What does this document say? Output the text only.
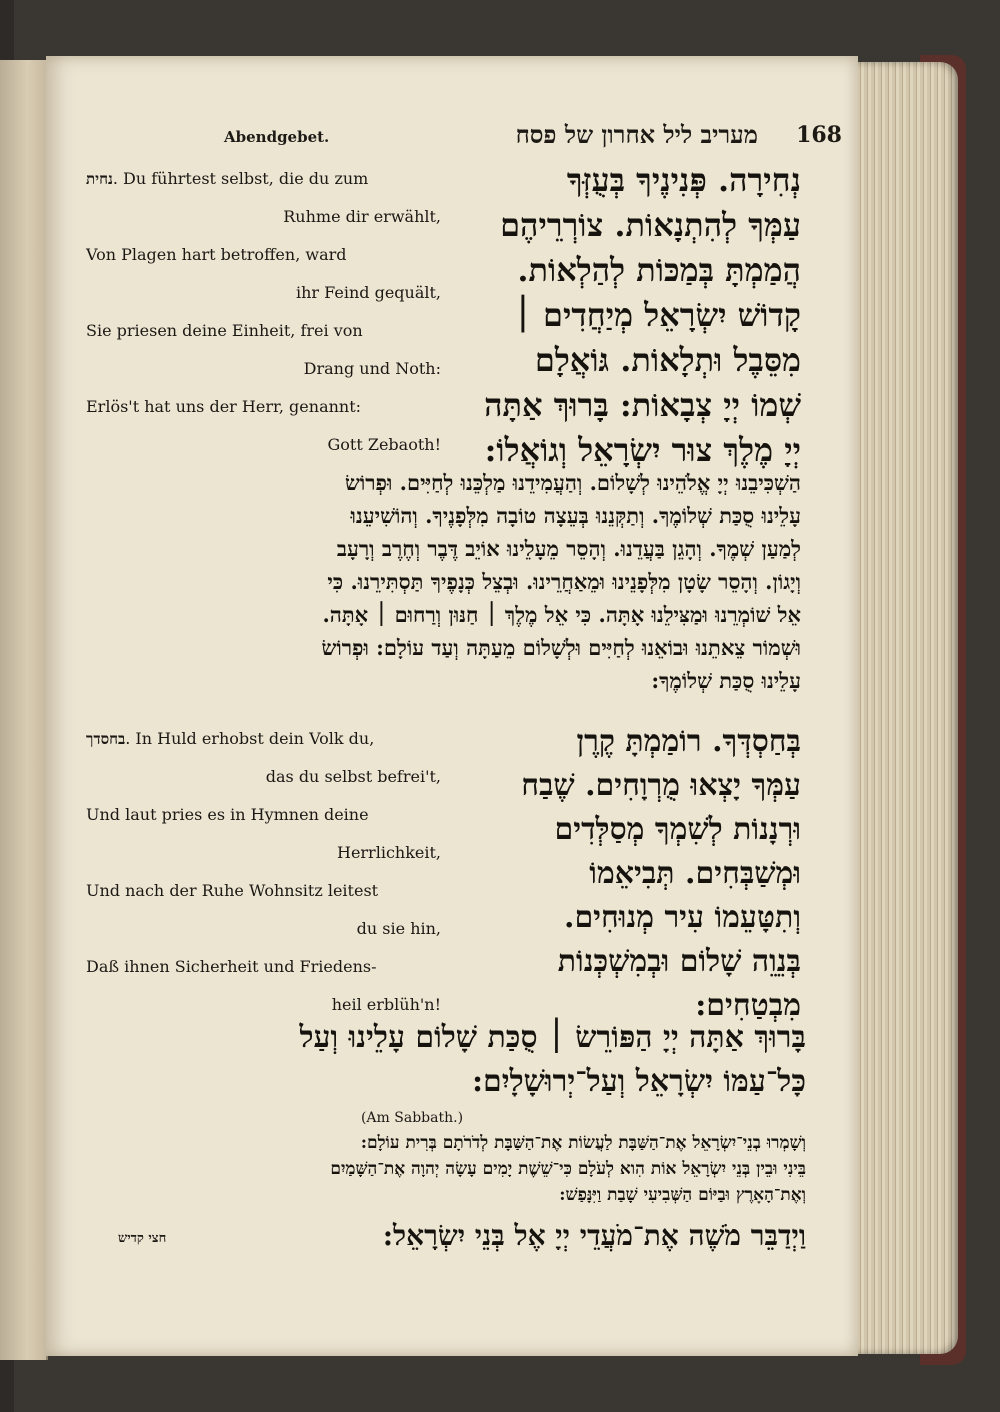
Abendgebet.	מעריב ליל אחרון של פסח 168
נְחִירָה. פְּנִינֶיךָ בְּעֻזְּךָ
עַמְּךָ לְהִתְנָאוֹת. צוֹרְרֵיהֶם
הֲמַמְתָּ בְּמַכּוֹת לְהַלְאוֹת.
קָדוֹשׁ יִשְׂרָאֵל מְיַחֲדִים ׀
מִסֵּבֶל וּתְלָאוֹת. גּוֹאֲלָם
שְׁמוֹ יְיָ צְבָאוֹת: בָּרוּךְ אַתָּה
יְיָ מֶלֶךְ צוּר יִשְׂרָאֵל וְגוֹאֲלוֹ:
נחית. Du führtest selbst, die du zum
Ruhme dir erwählt,
Von Plagen hart betroffen, ward
ihr Feind gequält,
Sie priesen deine Einheit, frei von
Drang und Noth:
Erlös't hat uns der Herr, genannt:
Gott Zebaoth!
הַשְׁכִּיבֵנוּ יְיָ אֱלֹהֵינוּ לְשָׁלוֹם. וְהַעֲמִידֵנוּ מַלְכֵּנוּ לְחַיִּים. וּפְרוֹשׂ
עָלֵינוּ סֻכַּת שְׁלוֹמֶךָ. וְתַקְּנֵנוּ בְּעֵצָה טוֹבָה מִלְּפָנֶיךָ. וְהוֹשִׁיעֵנוּ
לְמַעַן שְׁמֶךָ. וְהָגֵן בַּעֲדֵנוּ. וְהָסֵר מֵעָלֵינוּ אוֹיֵב דֶּבֶר וְחֶרֶב וְרָעָב
וְיָגוֹן. וְהָסֵר שָׂטָן מִלְּפָנֵינוּ וּמֵאַחֲרֵינוּ. וּבְצֵל כְּנָפֶיךָ תַּסְתִּירֵנוּ. כִּי
אֵל שׁוֹמְרֵנוּ וּמַצִּילֵנוּ אָתָּה. כִּי אֵל מֶלֶךְ ׀ חַנּוּן וְרַחוּם ׀ אָתָּה.
וּשְׁמוֹר צֵאתֵנוּ וּבוֹאֵנוּ לְחַיִּים וּלְשָׁלוֹם מֵעַתָּה וְעַד עוֹלָם: וּפְרוֹשׂ
עָלֵינוּ סֻכַּת שְׁלוֹמֶךָ:
בְּחַסְדְּךָ. רוֹמַמְתָּ קֶרֶן
עַמְּךָ יָצְאוּ מֻרְוָחִים. שֶׁבַח
וּרְנָנוֹת לְשִׁמְךָ מְסַלְּדִים
וּמְשַׁבְּחִים. תְּבִיאֵמוֹ
וְתִטָּעֵמוֹ עִיר מְנוּחִים.
בְּנֵוֵה שָׁלוֹם וּבְמִשְׁכְּנוֹת
מִבְטַחִים:
בחסדך. In Huld erhobst dein Volk du,
das du selbst befrei't,
Und laut pries es in Hymnen deine
Herrlichkeit,
Und nach der Ruhe Wohnsitz leitest
du sie hin,
Daß ihnen Sicherheit und Friedens-
heil erblüh'n!
בָּרוּךְ אַתָּה יְיָ הַפּוֹרֵשׂ ׀ סֻכַּת שָׁלוֹם עָלֵינוּ וְעַל
כָּל־עַמּוֹ יִשְׂרָאֵל וְעַל־יְרוּשָׁלָיִם:
(Am Sabbath.)
וְשָׁמְרוּ בְנֵי־יִשְׂרָאֵל אֶת־הַשַּׁבָּת לַעֲשׂוֹת אֶת־הַשַּׁבָּת לְדֹרֹתָם בְּרִית עוֹלָם:
בֵּינִי וּבֵין בְּנֵי יִשְׂרָאֵל אוֹת הִוא לְעֹלָם כִּי־שֵׁשֶׁת יָמִים עָשָׂה יְהוָה אֶת־הַשָּׁמַיִם
וְאֶת־הָאָרֶץ וּבַיּוֹם הַשְּׁבִיעִי שָׁבַת וַיִּנָּפַשׁ:
וַיְדַבֵּר מֹשֶׁה אֶת־מֹעֲדֵי יְיָ אֶל בְּנֵי יִשְׂרָאֵל:
חצי קדיש
